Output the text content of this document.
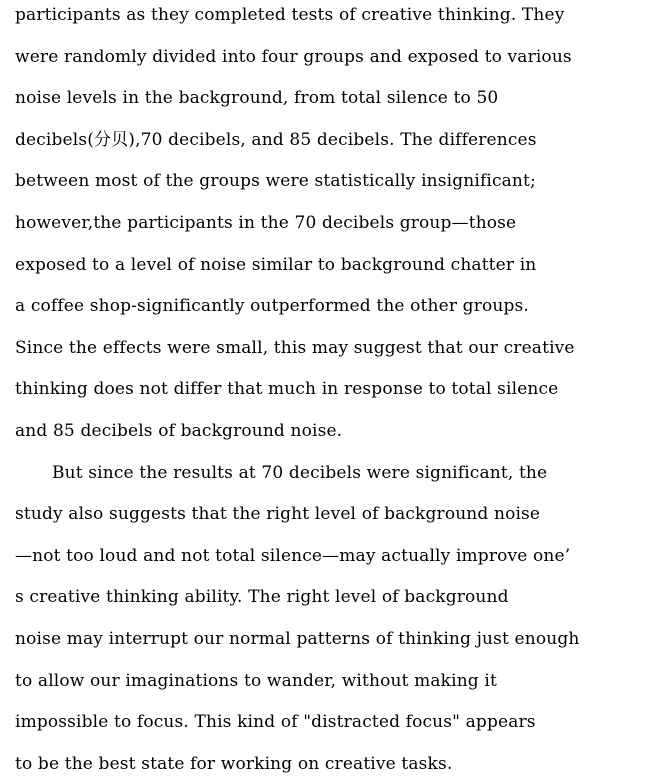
participants as they completed tests of creative thinking. They
were randomly divided into four groups and exposed to various
noise levels in the background, from total silence to 50
decibels(分贝),70 decibels, and 85 decibels. The differences
between most of the groups were statistically insignificant;
however,the participants in the 70 decibels group—those
exposed to a level of noise similar to background chatter in
a coffee shop-significantly outperformed the other groups.
Since the effects were small, this may suggest that our creative
thinking does not differ that much in response to total silence
and 85 decibels of background noise.
But since the results at 70 decibels were significant, the
study also suggests that the right level of background noise
—not too loud and not total silence—may actually improve one’
s creative thinking ability. The right level of background
noise may interrupt our normal patterns of thinking just enough
to allow our imaginations to wander, without making it
impossible to focus. This kind of "distracted focus" appears
to be the best state for working on creative tasks.
